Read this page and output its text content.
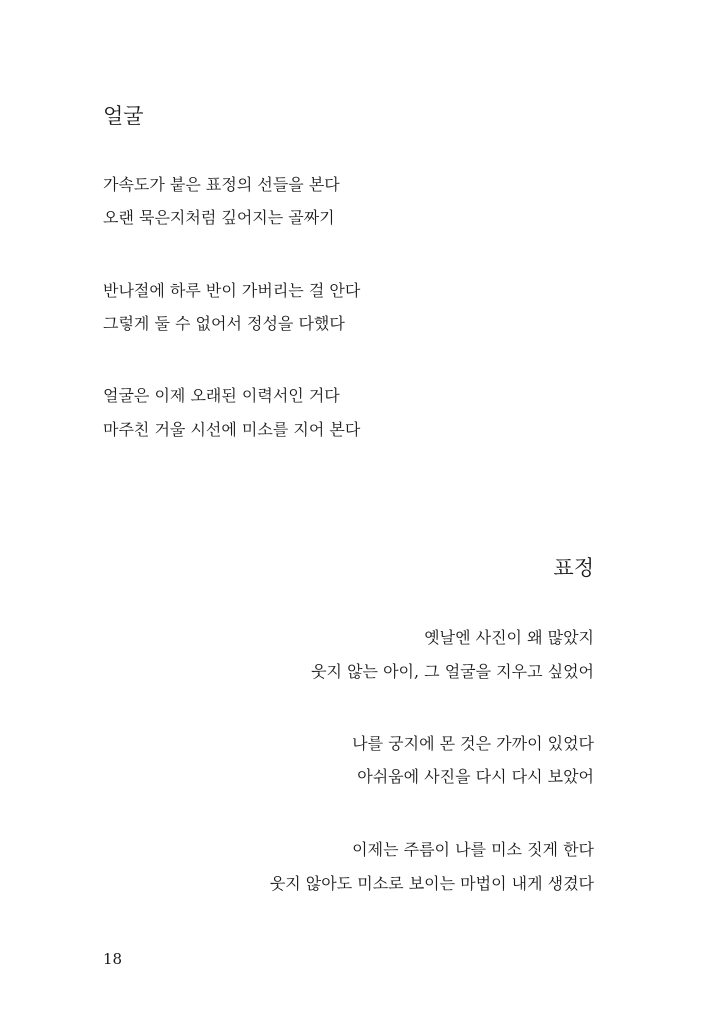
얼굴
가속도가 붙은 표정의 선들을 본다
오랜 묵은지처럼 깊어지는 골짜기
반나절에 하루 반이 가버리는 걸 안다
그렇게 둘 수 없어서 정성을 다했다
얼굴은 이제 오래된 이력서인 거다
마주친 거울 시선에 미소를 지어 본다
표정
옛날엔 사진이 왜 많았지
웃지 않는 아이, 그 얼굴을 지우고 싶었어
나를 궁지에 몬 것은 가까이 있었다
아쉬움에 사진을 다시 다시 보았어
이제는 주름이 나를 미소 짓게 한다
웃지 않아도 미소로 보이는 마법이 내게 생겼다
18
